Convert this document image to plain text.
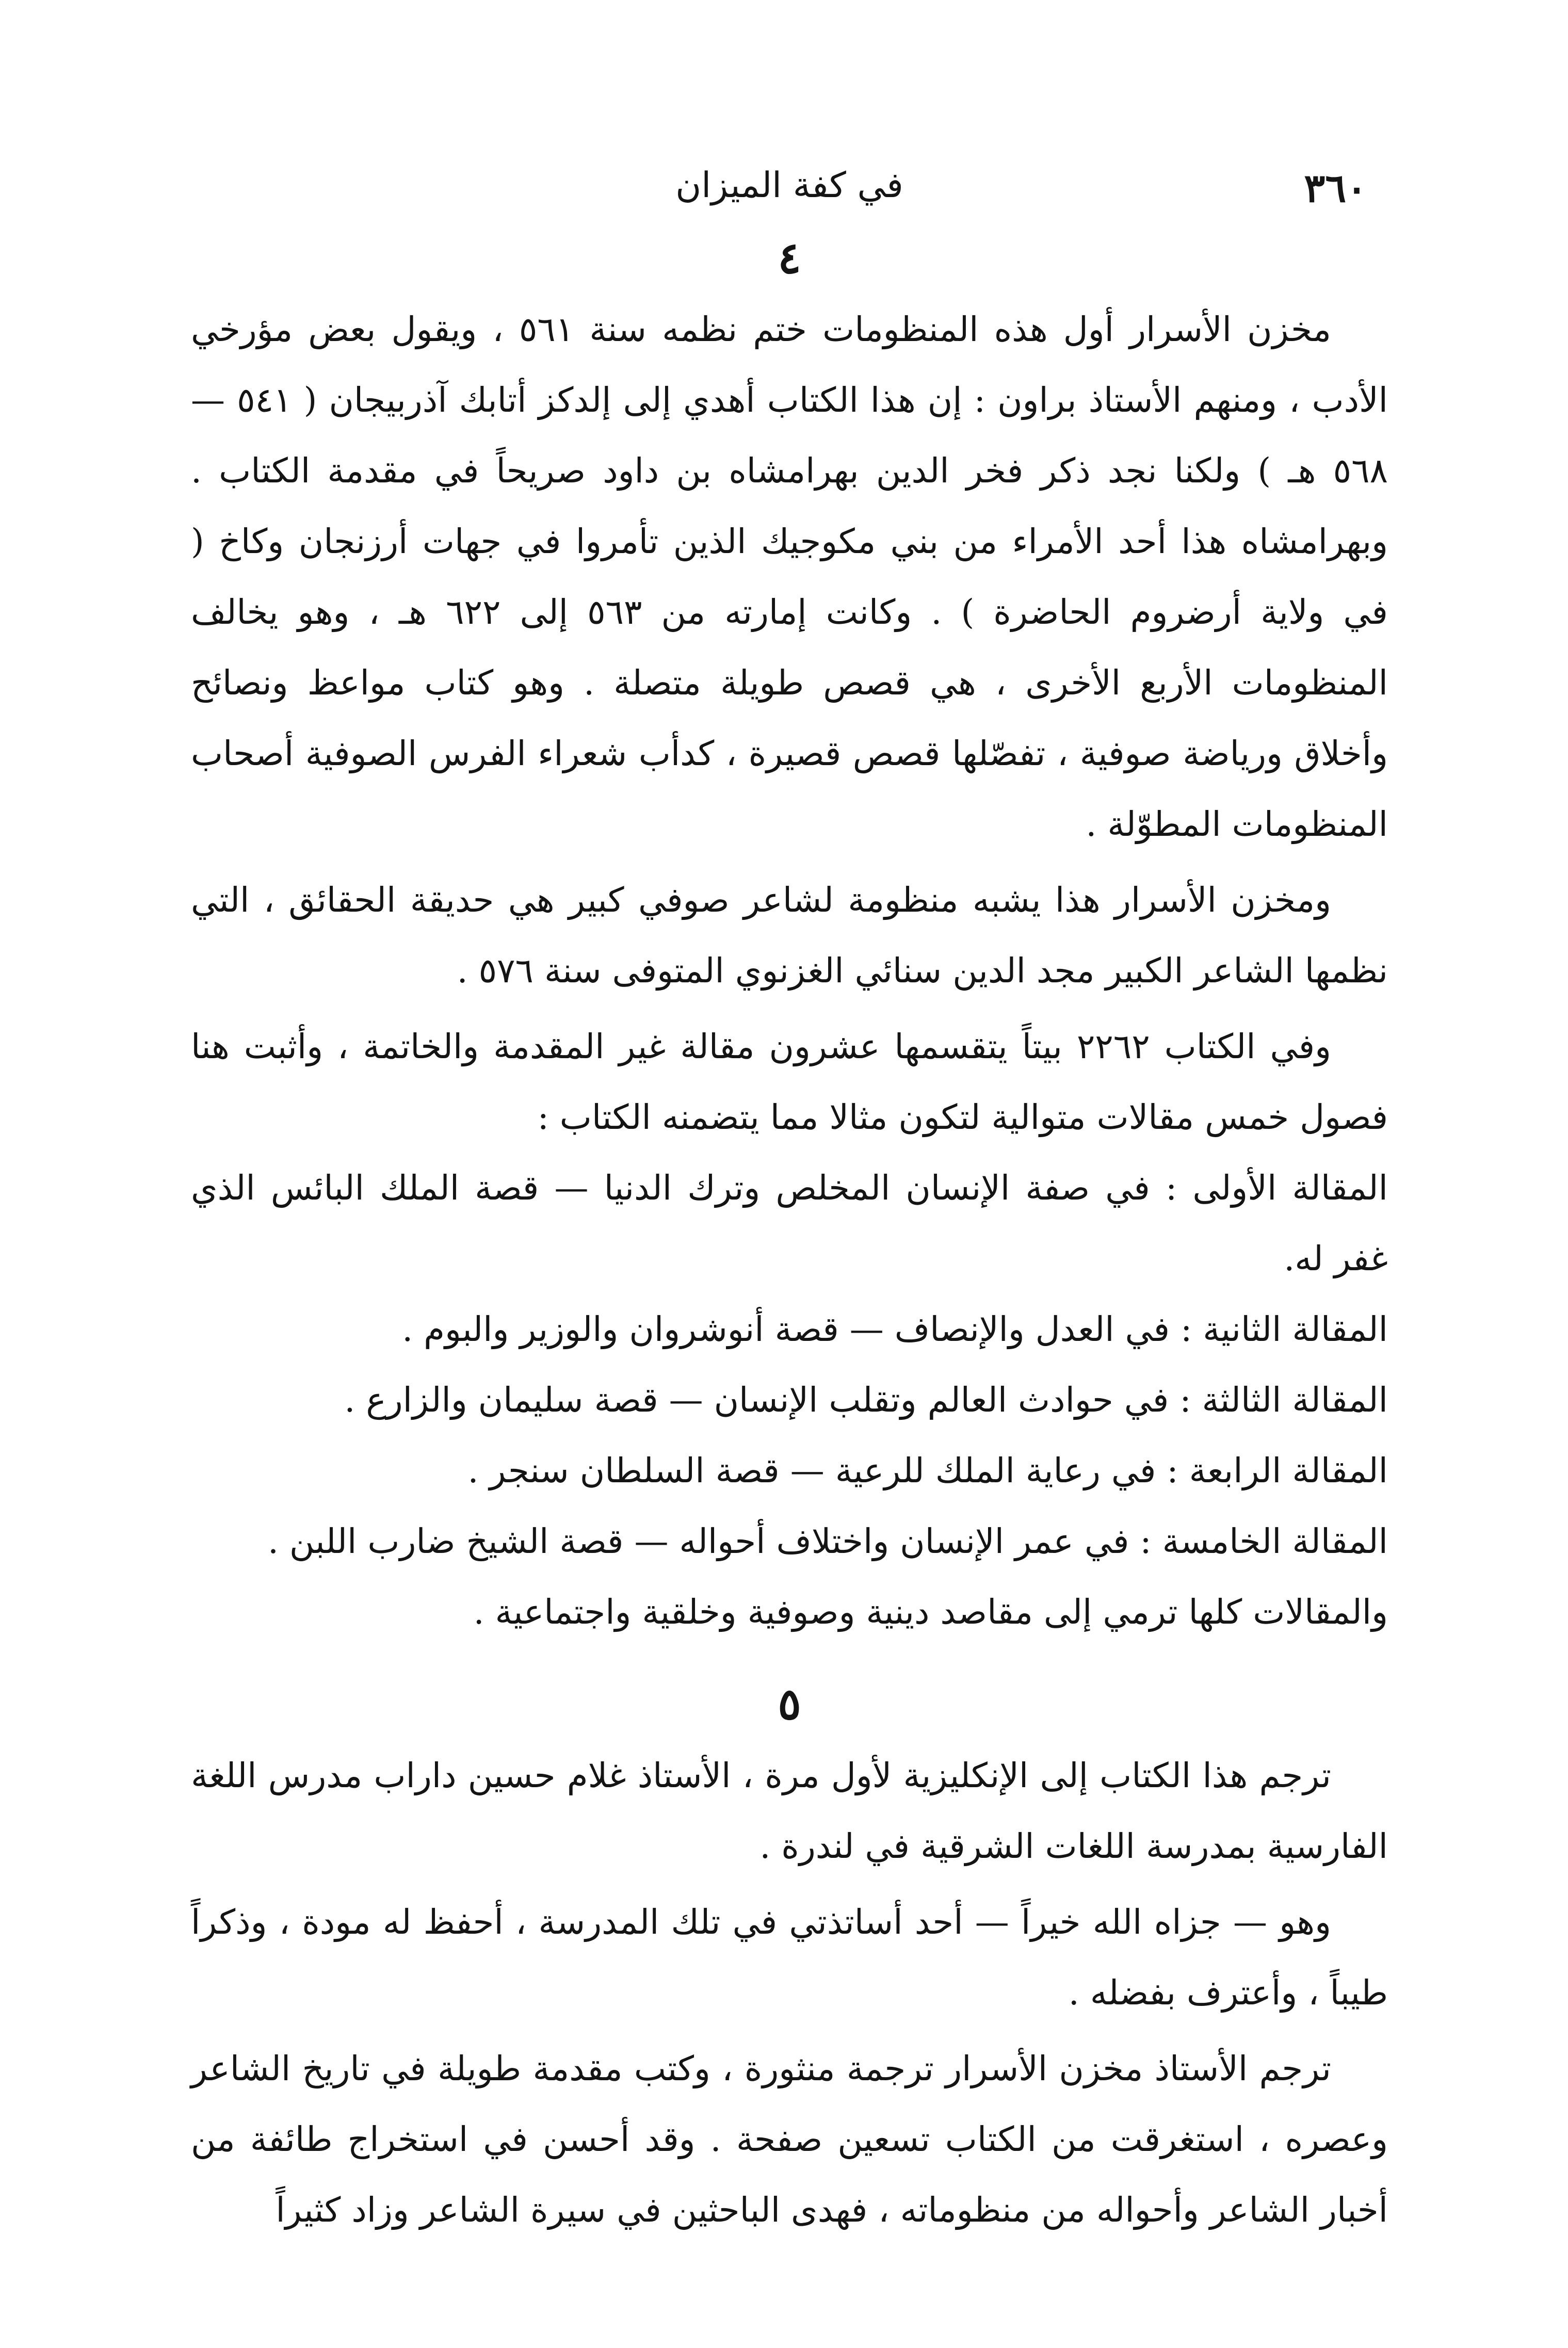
٣٦٠
في كفة الميزان
٤

مخزن الأسرار أول هذه المنظومات ختم نظمه سنة ٥٦١ ، ويقول بعض مؤرخي الأدب ، ومنهم الأستاذ براون : إن هذا الكتاب أهدي إلى إلدكز أتابك آذربيجان ( ٥٤١ — ٥٦٨ هـ ) ولكنا نجد ذكر فخر الدين بهرامشاه بن داود صريحاً في مقدمة الكتاب . وبهرامشاه هذا أحد الأمراء من بني مكوجيك الذين تأمروا في جهات أرزنجان وكاخ ( في ولاية أرضروم الحاضرة ) . وكانت إمارته من ٥٦٣ إلى ٦٢٢ هـ ، وهو يخالف المنظومات الأربع الأخرى ، هي قصص طويلة متصلة . وهو كتاب مواعظ ونصائح وأخلاق ورياضة صوفية ، تفصّلها قصص قصيرة ، كدأب شعراء الفرس الصوفية أصحاب المنظومات المطوّلة .

ومخزن الأسرار هذا يشبه منظومة لشاعر صوفي كبير هي حديقة الحقائق ، التي نظمها الشاعر الكبير مجد الدين سنائي الغزنوي المتوفى سنة ٥٧٦ .

وفي الكتاب ٢٢٦٢ بيتاً يتقسمها عشرون مقالة غير المقدمة والخاتمة ، وأثبت هنا فصول خمس مقالات متوالية لتكون مثالا مما يتضمنه الكتاب :

المقالة الأولى : في صفة الإنسان المخلص وترك الدنيا — قصة الملك البائس الذي غفر له.

المقالة الثانية : في العدل والإنصاف — قصة أنوشروان والوزير والبوم .

المقالة الثالثة : في حوادث العالم وتقلب الإنسان — قصة سليمان والزارع .

المقالة الرابعة : في رعاية الملك للرعية — قصة السلطان سنجر .

المقالة الخامسة : في عمر الإنسان واختلاف أحواله — قصة الشيخ ضارب اللبن .

والمقالات كلها ترمي إلى مقاصد دينية وصوفية وخلقية واجتماعية .

٥

ترجم هذا الكتاب إلى الإنكليزية لأول مرة ، الأستاذ غلام حسين داراب مدرس اللغة الفارسية بمدرسة اللغات الشرقية في لندرة .

وهو — جزاه الله خيراً — أحد أساتذتي في تلك المدرسة ، أحفظ له مودة ، وذكراً طيباً ، وأعترف بفضله .

ترجم الأستاذ مخزن الأسرار ترجمة منثورة ، وكتب مقدمة طويلة في تاريخ الشاعر وعصره ، استغرقت من الكتاب تسعين صفحة . وقد أحسن في استخراج طائفة من أخبار الشاعر وأحواله من منظوماته ، فهدى الباحثين في سيرة الشاعر وزاد كثيراً
